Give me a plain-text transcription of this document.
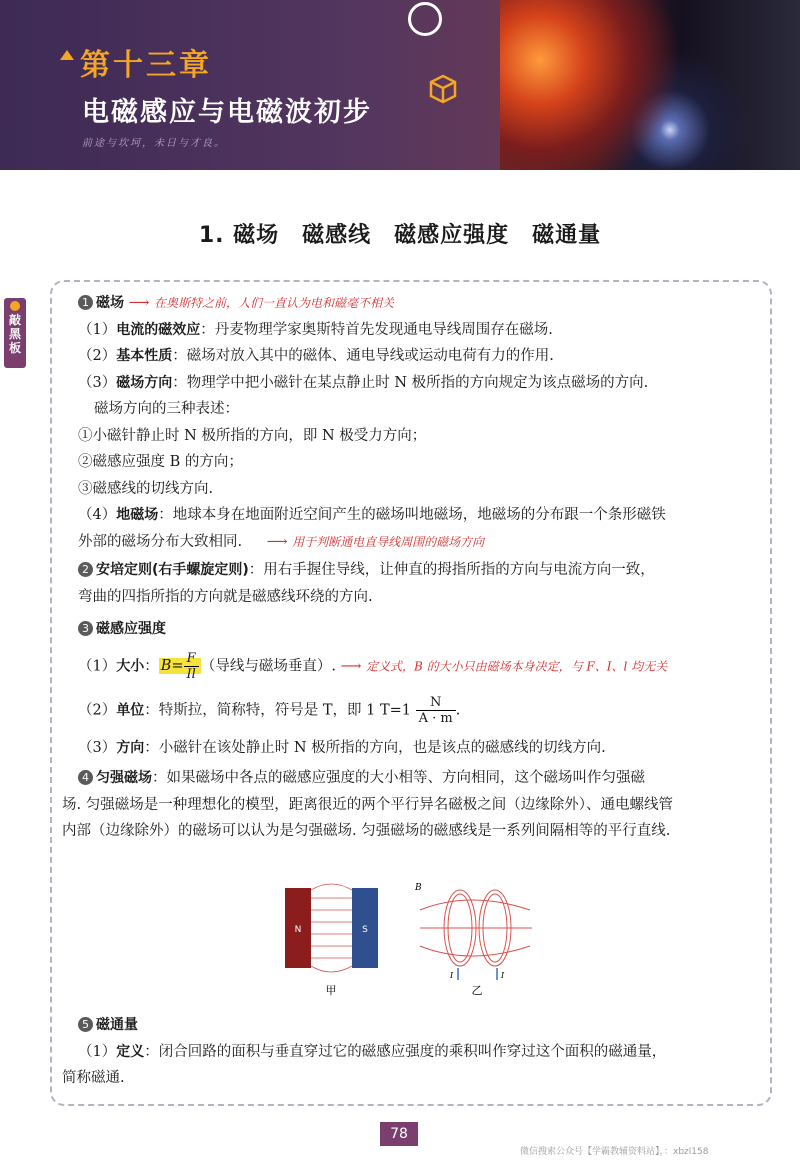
第十三章
电磁感应与电磁波初步
前途与坎坷，未日与才良。
1. 磁场　磁感线　磁感应强度　磁通量
敲
黑
板
1 磁场 ⟶ 在奥斯特之前，人们一直认为电和磁毫不相关
（1）电流的磁效应：丹麦物理学家奥斯特首先发现通电导线周围存在磁场.
（2）基本性质：磁场对放入其中的磁体、通电导线或运动电荷有力的作用.
（3）磁场方向：物理学中把小磁针在某点静止时 N 极所指的方向规定为该点磁场的方向.
磁场方向的三种表述：
①小磁针静止时 N 极所指的方向，即 N 极受力方向；
②磁感应强度 B 的方向；
③磁感线的切线方向.
（4）地磁场：地球本身在地面附近空间产生的磁场叫地磁场，地磁场的分布跟一个条形磁铁
外部的磁场分布大致相同. ⟶ 用于判断通电直导线周围的磁场方向
2 安培定则(右手螺旋定则)：用右手握住导线，让伸直的拇指所指的方向与电流方向一致，
弯曲的四指所指的方向就是磁感线环绕的方向.
3 磁感应强度
（1）大小： $B= \frac{F}{Il}$ （导线与磁场垂直）. ⟶ 定义式，B 的大小只由磁场本身决定，与 F、I、l 均无关
（2）单位：特斯拉，简称特，符号是 T，即 1 $T=1 \frac{N}{A \cdot m}$ .
（3）方向：小磁针在该处静止时 N 极所指的方向，也是该点的磁感线的切线方向.
4 匀强磁场：如果磁场中各点的磁感应强度的大小相等、方向相同，这个磁场叫作匀强磁
场. 匀强磁场是一种理想化的模型，距离很近的两个平行异名磁极之间（边缘除外）、通电螺线管
内部（边缘除外）的磁场可以认为是匀强磁场. 匀强磁场的磁感线是一系列间隔相等的平行直线.
N	S
甲
B
I	I
乙
5 磁通量
（1）定义：闭合回路的面积与垂直穿过它的磁感应强度的乘积叫作穿过这个面积的磁通量，
简称磁通.
78
微信搜索公众号【学霸教辅资料站】，：xbzl158
